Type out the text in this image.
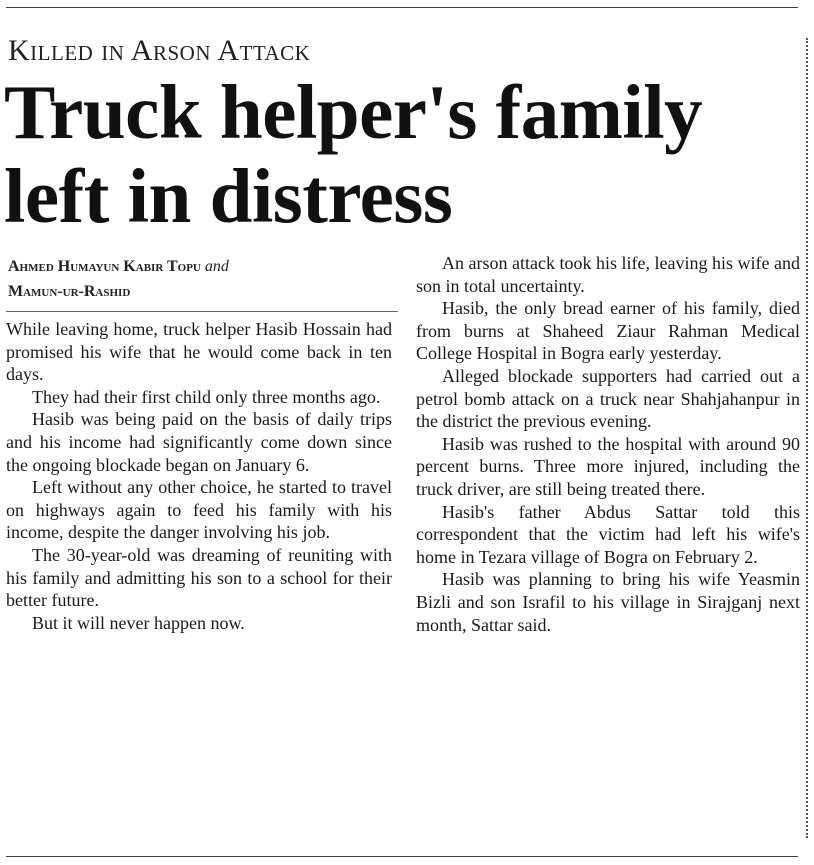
Killed in Arson Attack
Truck helper's family
left in distress
Ahmed Humayun Kabir Topu and
Mamun-ur-Rashid

While leaving home, truck helper Hasib Hossain had promised his wife that he would come back in ten days.

They had their first child only three months ago.

Hasib was being paid on the basis of daily trips and his income had significantly come down since the ongoing blockade began on January 6.

Left without any other choice, he started to travel on highways again to feed his family with his income, despite the danger involving his job.

The 30-year-old was dreaming of reuniting with his family and admitting his son to a school for their better future.

But it will never happen now.

An arson attack took his life, leaving his wife and son in total uncertainty.

Hasib, the only bread earner of his family, died from burns at Shaheed Ziaur Rahman Medical College Hospital in Bogra early yesterday.

Alleged blockade supporters had carried out a petrol bomb attack on a truck near Shahjahanpur in the district the previous evening.

Hasib was rushed to the hospital with around 90 percent burns. Three more injured, including the truck driver, are still being treated there.

Hasib's father Abdus Sattar told this correspondent that the victim had left his wife's home in Tezara village of Bogra on February 2.

Hasib was planning to bring his wife Yeasmin Bizli and son Israfil to his village in Sirajganj next month, Sattar said.
